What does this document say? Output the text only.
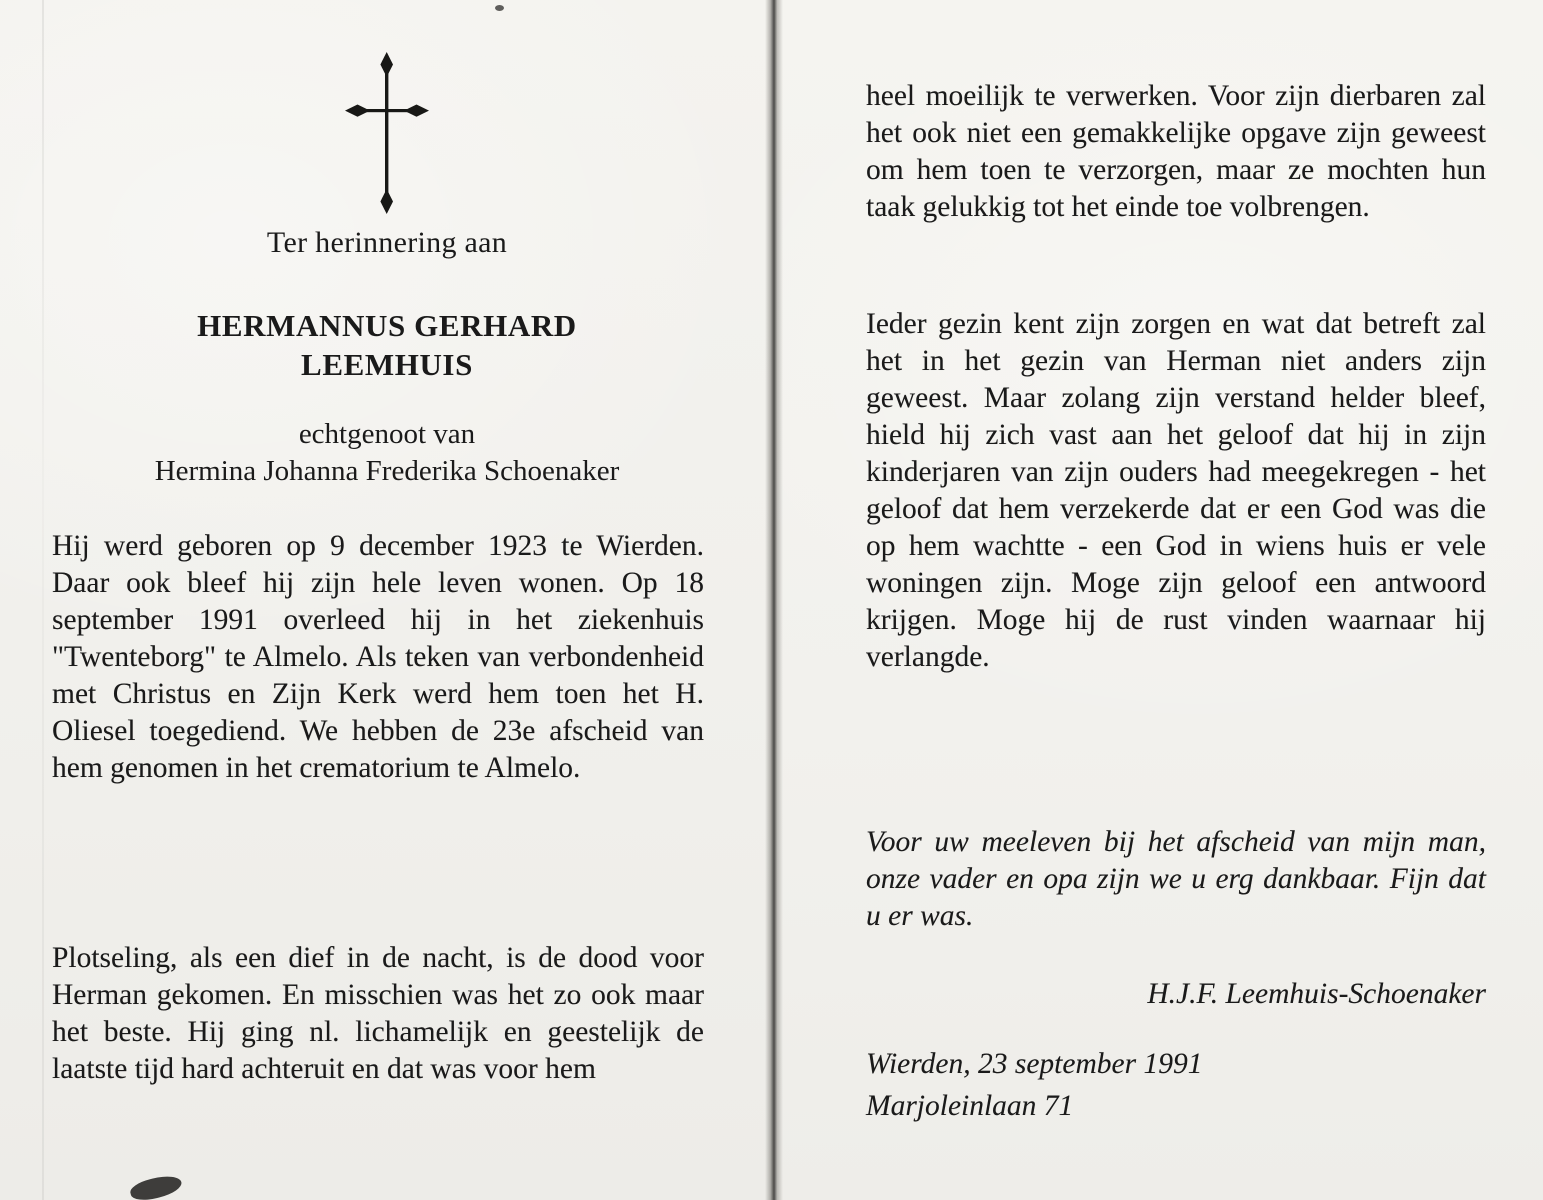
Ter herinnering aan
HERMANNUS GERHARD
LEEMHUIS
echtgenoot van
Hermina Johanna Frederika Schoenaker
Hij werd geboren op 9 december 1923 te Wierden. Daar ook bleef hij zijn hele leven wonen. Op 18 september 1991 overleed hij in het ziekenhuis "Twenteborg" te Almelo. Als teken van verbondenheid met Christus en Zijn Kerk werd hem toen het H. Oliesel toegediend. We hebben de 23e afscheid van hem genomen in het crematorium te Almelo.
Plotseling, als een dief in de nacht, is de dood voor Herman gekomen. En misschien was het zo ook maar het beste. Hij ging nl. lichamelijk en geestelijk de laatste tijd hard achteruit en dat was voor hem
heel moeilijk te verwerken. Voor zijn dierbaren zal het ook niet een gemakkelijke opgave zijn geweest om hem toen te verzorgen, maar ze mochten hun taak gelukkig tot het einde toe volbrengen.
Ieder gezin kent zijn zorgen en wat dat betreft zal het in het gezin van Herman niet anders zijn geweest. Maar zolang zijn verstand helder bleef, hield hij zich vast aan het geloof dat hij in zijn kinderjaren van zijn ouders had meegekregen - het geloof dat hem verzekerde dat er een God was die op hem wachtte - een God in wiens huis er vele woningen zijn. Moge zijn geloof een antwoord krijgen. Moge hij de rust vinden waarnaar hij verlangde.
Voor uw meeleven bij het afscheid van mijn man, onze vader en opa zijn we u erg dankbaar. Fijn dat u er was.
H.J.F. Leemhuis-Schoenaker
Wierden, 23 september 1991
Marjoleinlaan 71
